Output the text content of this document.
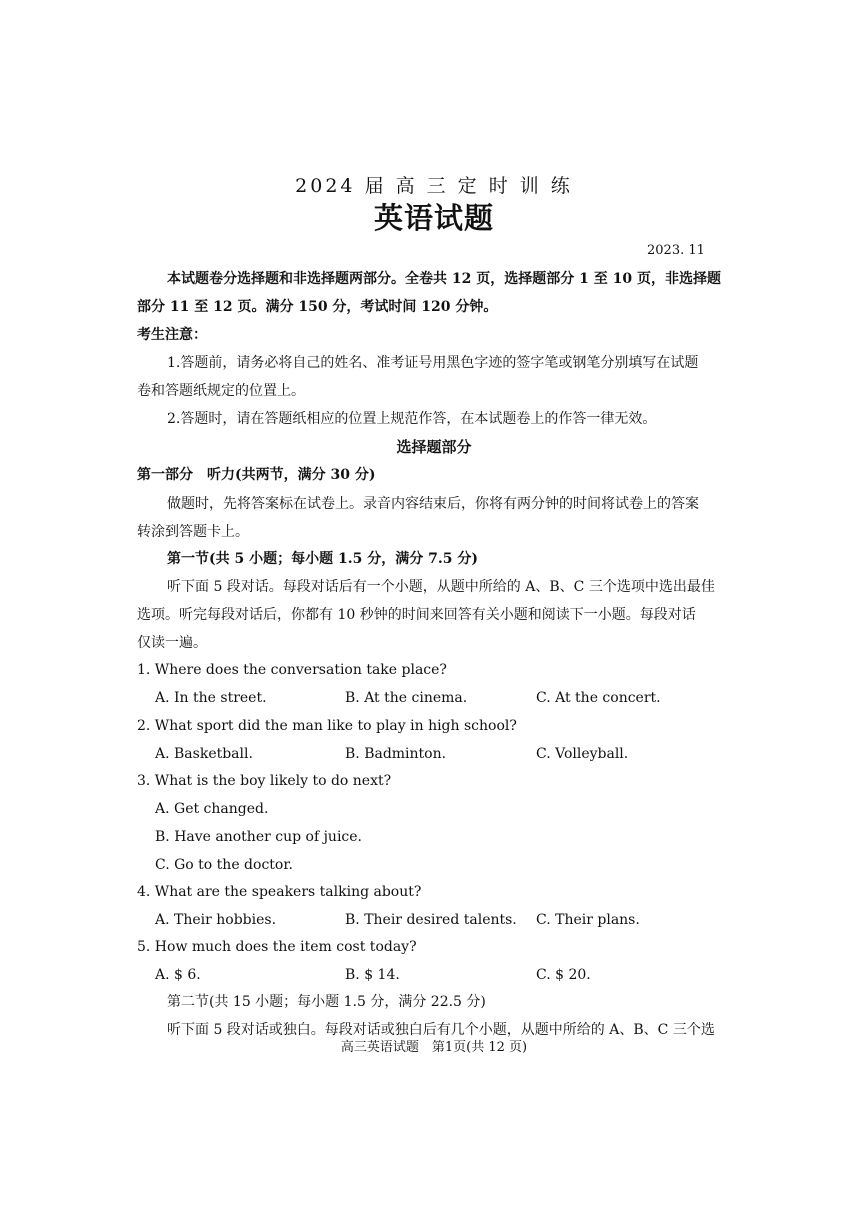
2024 届 高 三 定 时 训 练
英语试题
2023. 11
本试题卷分选择题和非选择题两部分。全卷共 12 页，选择题部分 1 至 10 页，非选择题
部分 11 至 12 页。满分 150 分，考试时间 120 分钟。
考生注意：
1.答题前，请务必将自己的姓名、准考证号用黑色字迹的签字笔或钢笔分别填写在试题
卷和答题纸规定的位置上。
2.答题时，请在答题纸相应的位置上规范作答，在本试题卷上的作答一律无效。
选择题部分
第一部分　听力(共两节，满分 30 分)
做题时，先将答案标在试卷上。录音内容结束后，你将有两分钟的时间将试卷上的答案
转涂到答题卡上。
第一节(共 5 小题；每小题 1.5 分，满分 7.5 分)
听下面 5 段对话。每段对话后有一个小题，从题中所给的 A、B、C 三个选项中选出最佳
选项。听完每段对话后，你都有 10 秒钟的时间来回答有关小题和阅读下一小题。每段对话
仅读一遍。
1. Where does the conversation take place?
A. In the street.	B. At the cinema.	C. At the concert.
2. What sport did the man like to play in high school?
A. Basketball.	B. Badminton.	C. Volleyball.
3. What is the boy likely to do next?
A. Get changed.
B. Have another cup of juice.
C. Go to the doctor.
4. What are the speakers talking about?
A. Their hobbies.	B. Their desired talents. C. Their plans.
5. How much does the item cost today?
A. $ 6.	B. $ 14.	C. $ 20.
第二节(共 15 小题；每小题 1.5 分，满分 22.5 分)
听下面 5 段对话或独白。每段对话或独白后有几个小题，从题中所给的 A、B、C 三个选
高三英语试题　第1页(共 12 页)
